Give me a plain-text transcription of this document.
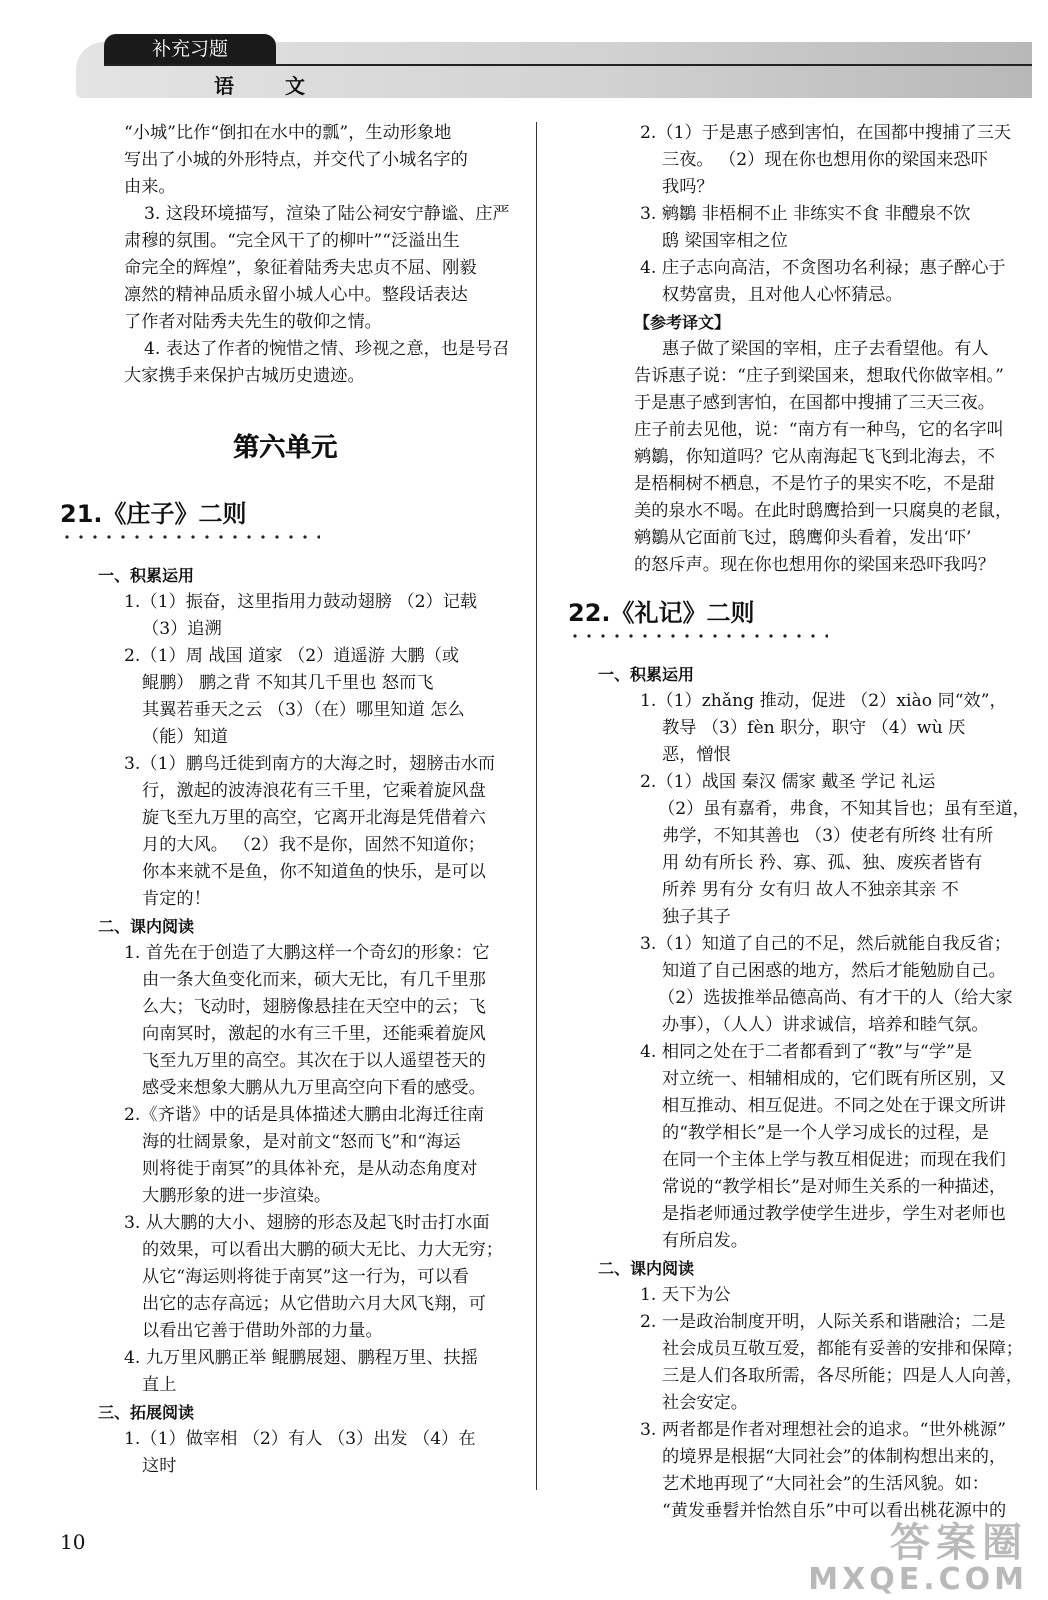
补充习题
语 文
“小城”比作“倒扣在水中的瓢”，生动形象地
写出了小城的外形特点，并交代了小城名字的
由来。
3. 这段环境描写，渲染了陆公祠安宁静谧、庄严
肃穆的氛围。“完全风干了的柳叶”“泛溢出生
命完全的辉煌”，象征着陆秀夫忠贞不屈、刚毅
凛然的精神品质永留小城人心中。整段话表达
了作者对陆秀夫先生的敬仰之情。
4. 表达了作者的惋惜之情、珍视之意，也是号召
大家携手来保护古城历史遗迹。
第六单元
21.《庄子》二则
一、积累运用
1.（1）振奋，这里指用力鼓动翅膀 （2）记载
（3）追溯
2.（1）周 战国 道家 （2）逍遥游 大鹏（或
鲲鹏） 鹏之背 不知其几千里也 怒而飞
其翼若垂天之云 （3）（在）哪里知道 怎么
（能）知道
3.（1）鹏鸟迁徙到南方的大海之时，翅膀击水而
行，激起的波涛浪花有三千里，它乘着旋风盘
旋飞至九万里的高空，它离开北海是凭借着六
月的大风。 （2）我不是你，固然不知道你；
你本来就不是鱼，你不知道鱼的快乐，是可以
肯定的！
二、课内阅读
1. 首先在于创造了大鹏这样一个奇幻的形象：它
由一条大鱼变化而来，硕大无比，有几千里那
么大；飞动时，翅膀像悬挂在天空中的云；飞
向南冥时，激起的水有三千里，还能乘着旋风
飞至九万里的高空。其次在于以人遥望苍天的
感受来想象大鹏从九万里高空向下看的感受。
2.《齐谐》中的话是具体描述大鹏由北海迁往南
海的壮阔景象，是对前文“怒而飞”和“海运
则将徙于南冥”的具体补充，是从动态角度对
大鹏形象的进一步渲染。
3. 从大鹏的大小、翅膀的形态及起飞时击打水面
的效果，可以看出大鹏的硕大无比、力大无穷；
从它“海运则将徙于南冥”这一行为，可以看
出它的志存高远；从它借助六月大风飞翔，可
以看出它善于借助外部的力量。
4. 九万里风鹏正举 鲲鹏展翅、鹏程万里、扶摇
直上
三、拓展阅读
1.（1）做宰相 （2）有人 （3）出发 （4）在
这时
2.（1）于是惠子感到害怕，在国都中搜捕了三天
三夜。 （2）现在你也想用你的梁国来恐吓
我吗？
3. 鹓鶵 非梧桐不止 非练实不食 非醴泉不饮
鸱 梁国宰相之位
4. 庄子志向高洁，不贪图功名利禄；惠子醉心于
权势富贵，且对他人心怀猜忌。
【参考译文】
惠子做了梁国的宰相，庄子去看望他。有人
告诉惠子说：“庄子到梁国来，想取代你做宰相。”
于是惠子感到害怕，在国都中搜捕了三天三夜。
庄子前去见他，说：“南方有一种鸟，它的名字叫
鹓鶵，你知道吗？它从南海起飞飞到北海去，不
是梧桐树不栖息，不是竹子的果实不吃，不是甜
美的泉水不喝。在此时鸱鹰拾到一只腐臭的老鼠，
鹓鶵从它面前飞过，鸱鹰仰头看着，发出‘吓’
的怒斥声。现在你也想用你的梁国来恐吓我吗？
22.《礼记》二则
一、积累运用
1.（1）zhǎng 推动，促进 （2）xiào 同“效”，
教导 （3）fèn 职分，职守 （4）wù 厌
恶，憎恨
2.（1）战国 秦汉 儒家 戴圣 学记 礼运
（2）虽有嘉肴，弗食，不知其旨也；虽有至道，
弗学，不知其善也 （3）使老有所终 壮有所
用 幼有所长 矜、寡、孤、独、废疾者皆有
所养 男有分 女有归 故人不独亲其亲 不
独子其子
3.（1）知道了自己的不足，然后就能自我反省；
知道了自己困惑的地方，然后才能勉励自己。
（2）选拔推举品德高尚、有才干的人（给大家
办事），（人人）讲求诚信，培养和睦气氛。
4. 相同之处在于二者都看到了“教”与“学”是
对立统一、相辅相成的，它们既有所区别，又
相互推动、相互促进。不同之处在于课文所讲
的“教学相长”是一个人学习成长的过程，是
在同一个主体上学与教互相促进；而现在我们
常说的“教学相长”是对师生关系的一种描述，
是指老师通过教学使学生进步，学生对老师也
有所启发。
二、课内阅读
1. 天下为公
2. 一是政治制度开明，人际关系和谐融洽；二是
社会成员互敬互爱，都能有妥善的安排和保障；
三是人们各取所需，各尽所能；四是人人向善，
社会安定。
3. 两者都是作者对理想社会的追求。“世外桃源”
的境界是根据“大同社会”的体制构想出来的，
艺术地再现了“大同社会”的生活风貌。如：
“黄发垂髫并怡然自乐”中可以看出桃花源中的
10	答案圈
MXQE.COM
